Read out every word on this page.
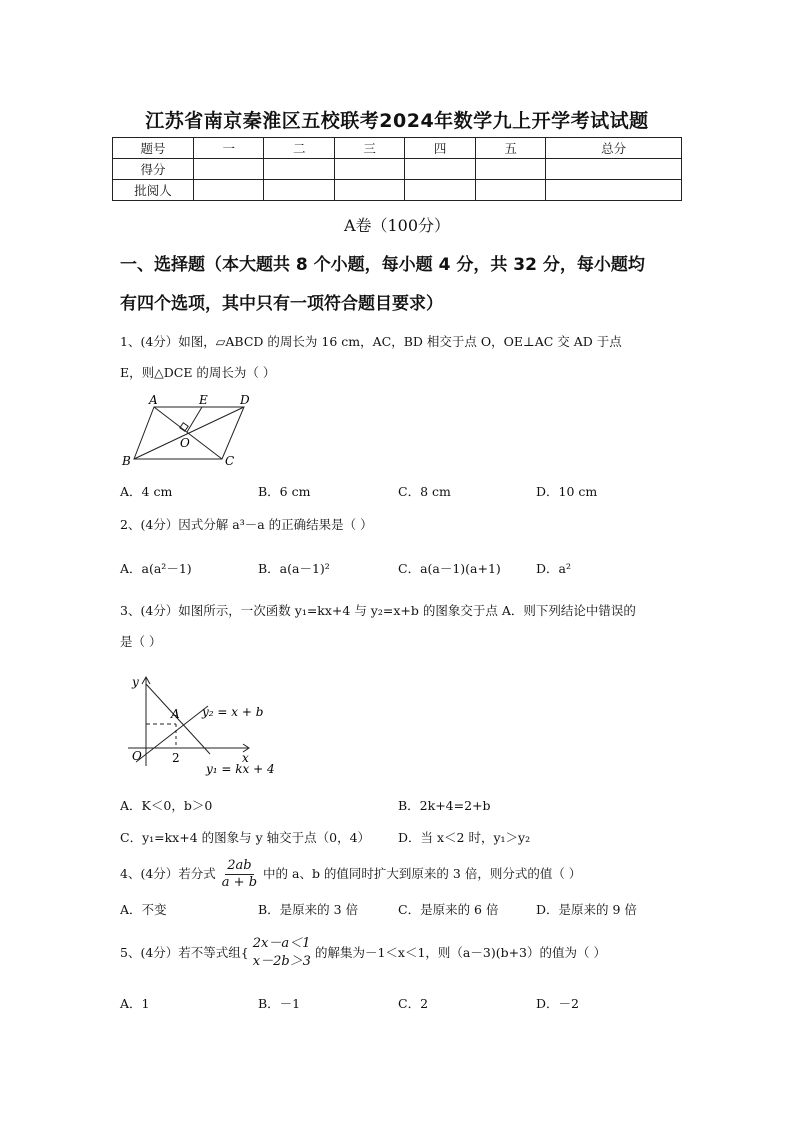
江苏省南京秦淮区五校联考2024年数学九上开学考试试题
题号	一	二	三	四	五	总分
得分						
批阅人						
A卷（100分）
一、选择题（本大题共 8 个小题，每小题 4 分，共 32 分，每小题均
有四个选项，其中只有一项符合题目要求）
1、(4分）如图，▱ABCD 的周长为 16 cm，AC，BD 相交于点 O，OE⊥AC 交 AD 于点
E，则△DCE 的周长为（ ）
A	E	D
O
B	C
A．4 cm	B．6 cm	C．8 cm	D．10 cm
2、(4分）因式分解 a³－a 的正确结果是（ ）
A．a(a²－1)	B．a(a－1)²	C．a(a－1)(a+1)	D．a²
3、(4分）如图所示，一次函数 y₁=kx+4 与 y₂=x+b 的图象交于点 A．则下列结论中错误的
是（ ）
y
x
O
A
2
y₂ = x + b
y₁ = kx + 4
A．K＜0，b＞0	B．2k+4=2+b
C．y₁=kx+4 的图象与 y 轴交于点（0，4） D．当 x＜2 时，y₁＞y₂
4、(4分）若分式 $\frac{2ab}{a + b}$ 中的 a、b 的值同时扩大到原来的 3 倍，则分式的值（ ）
A．不变	B．是原来的 3 倍	C．是原来的 6 倍	D．是原来的 9 倍
5、(4分）若不等式组{
2x－a＜1
x－2b＞3
的解集为－1＜x＜1，则（a－3)(b+3）的值为（ ）
A．1	B．－1	C．2	D．－2
